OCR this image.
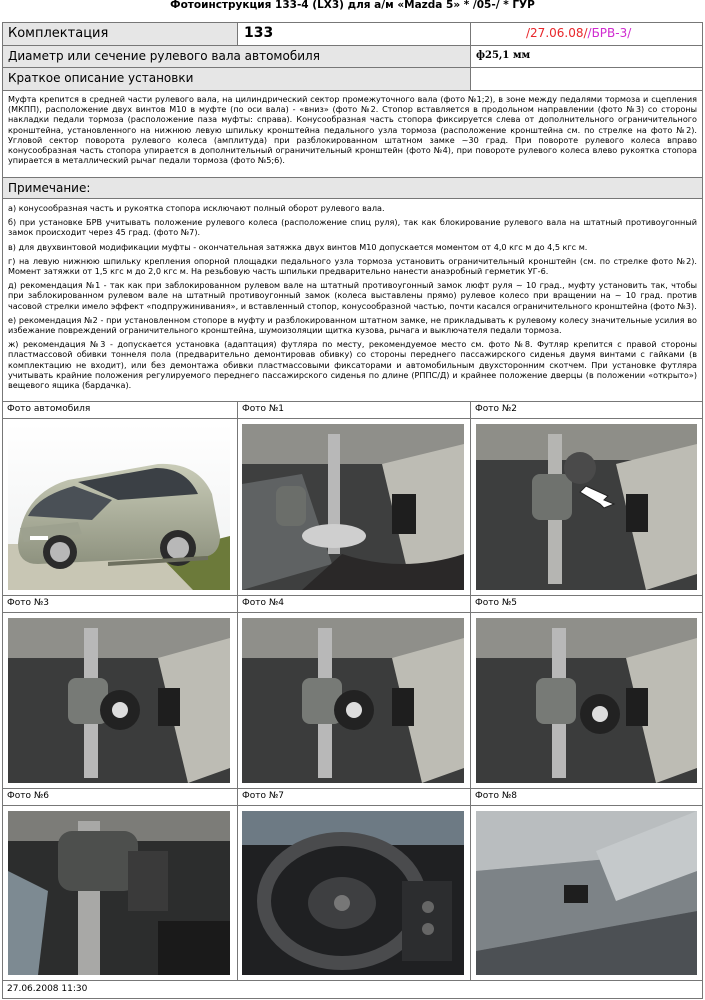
Фотоинструкция 133-4 (LX3) для а/м «Mazda 5» * /05-/ * ГУР
Комплектация	133	/27.06.08//БРВ-3/
Диаметр или сечение рулевого вала автомобиля	ф25,1 мм
Краткое описание установки
Муфта крепится в средней части рулевого вала, на цилиндрический сектор промежуточного вала (фото №1;2), в зоне между педалями тормоза и сцепления (МКПП), расположение двух винтов М10 в муфте (по оси вала) - «вниз» (фото №2. Стопор вставляется в продольном направлении (фото №3) со стороны накладки педали тормоза (расположение паза муфты: справа). Конусообразная часть стопора фиксируется слева от дополнительного ограничительного кронштейна, установленного на нижнюю левую шпильку кронштейна педального узла тормоза (расположение кронштейна см. по стрелке на фото №2). Угловой сектор поворота рулевого колеса (амплитуда) при разблокированном штатном замке ~30 град. При повороте рулевого колеса вправо конусообразная часть стопора упирается в дополнительный ограничительный кронштейн (фото №4), при повороте рулевого колеса влево рукоятка стопора упирается в металлический рычаг педали тормоза (фото №5;6).
Примечание:

а) конусообразная часть и рукоятка стопора исключают полный оборот рулевого вала.

б) при установке БРВ учитывать положение рулевого колеса (расположение спиц руля), так как блокирование рулевого вала на штатный противоугонный замок происходит через 45 град. (фото №7).

в) для двухвинтовой модификации муфты - окончательная затяжка двух винтов М10 допускается моментом от 4,0 кгс м до 4,5 кгс м.

г) на левую нижнюю шпильку крепления опорной площадки педального узла тормоза установить ограничительный кронштейн (см. по стрелке фото №2). Момент затяжки от 1,5 кгс м до 2,0 кгс м. На резьбовую часть шпильки предварительно нанести анаэробный герметик УГ-6.

д) рекомендация №1 - так как при заблокированном рулевом вале на штатный противоугонный замок люфт руля ~ 10 град., муфту установить так, чтобы при заблокированном рулевом вале на штатный противоугонный замок (колеса выставлены прямо) рулевое колесо при вращении на ~ 10 град. против часовой стрелки имело эффект «подпружинивания», и вставленный стопор, конусообразной частью, почти касался ограничительного кронштейна (фото №3).

е) рекомендация №2 - при установленном стопоре в муфту и разблокированном штатном замке, не прикладывать к рулевому колесу значительные усилия во избежание повреждений ограничительного кронштейна, шумоизоляции щитка кузова, рычага и выключателя педали тормоза.

ж) рекомендация №3 - допускается установка (адаптация) футляра по месту, рекомендуемое место см. фото №8. Футляр крепится с правой стороны пластмассовой обивки тоннеля пола (предварительно демонтировав обивку) со стороны переднего пассажирского сиденья двумя винтами с гайками (в комплектацию не входит), или без демонтажа обивки пластмассовыми фиксаторами и автомобильным двухсторонним скотчем. При установке футляра учитывать крайние положения регулируемого переднего пассажирского сиденья по длине (РППС/Д) и крайнее положение дверцы (в положении «открыто») вещевого ящика (бардачка).

Фото автомобиля	Фото №1	Фото №2
Фото №3	Фото №4	Фото №5
Фото №6	Фото №7	Фото №8
27.06.2008 11:30
